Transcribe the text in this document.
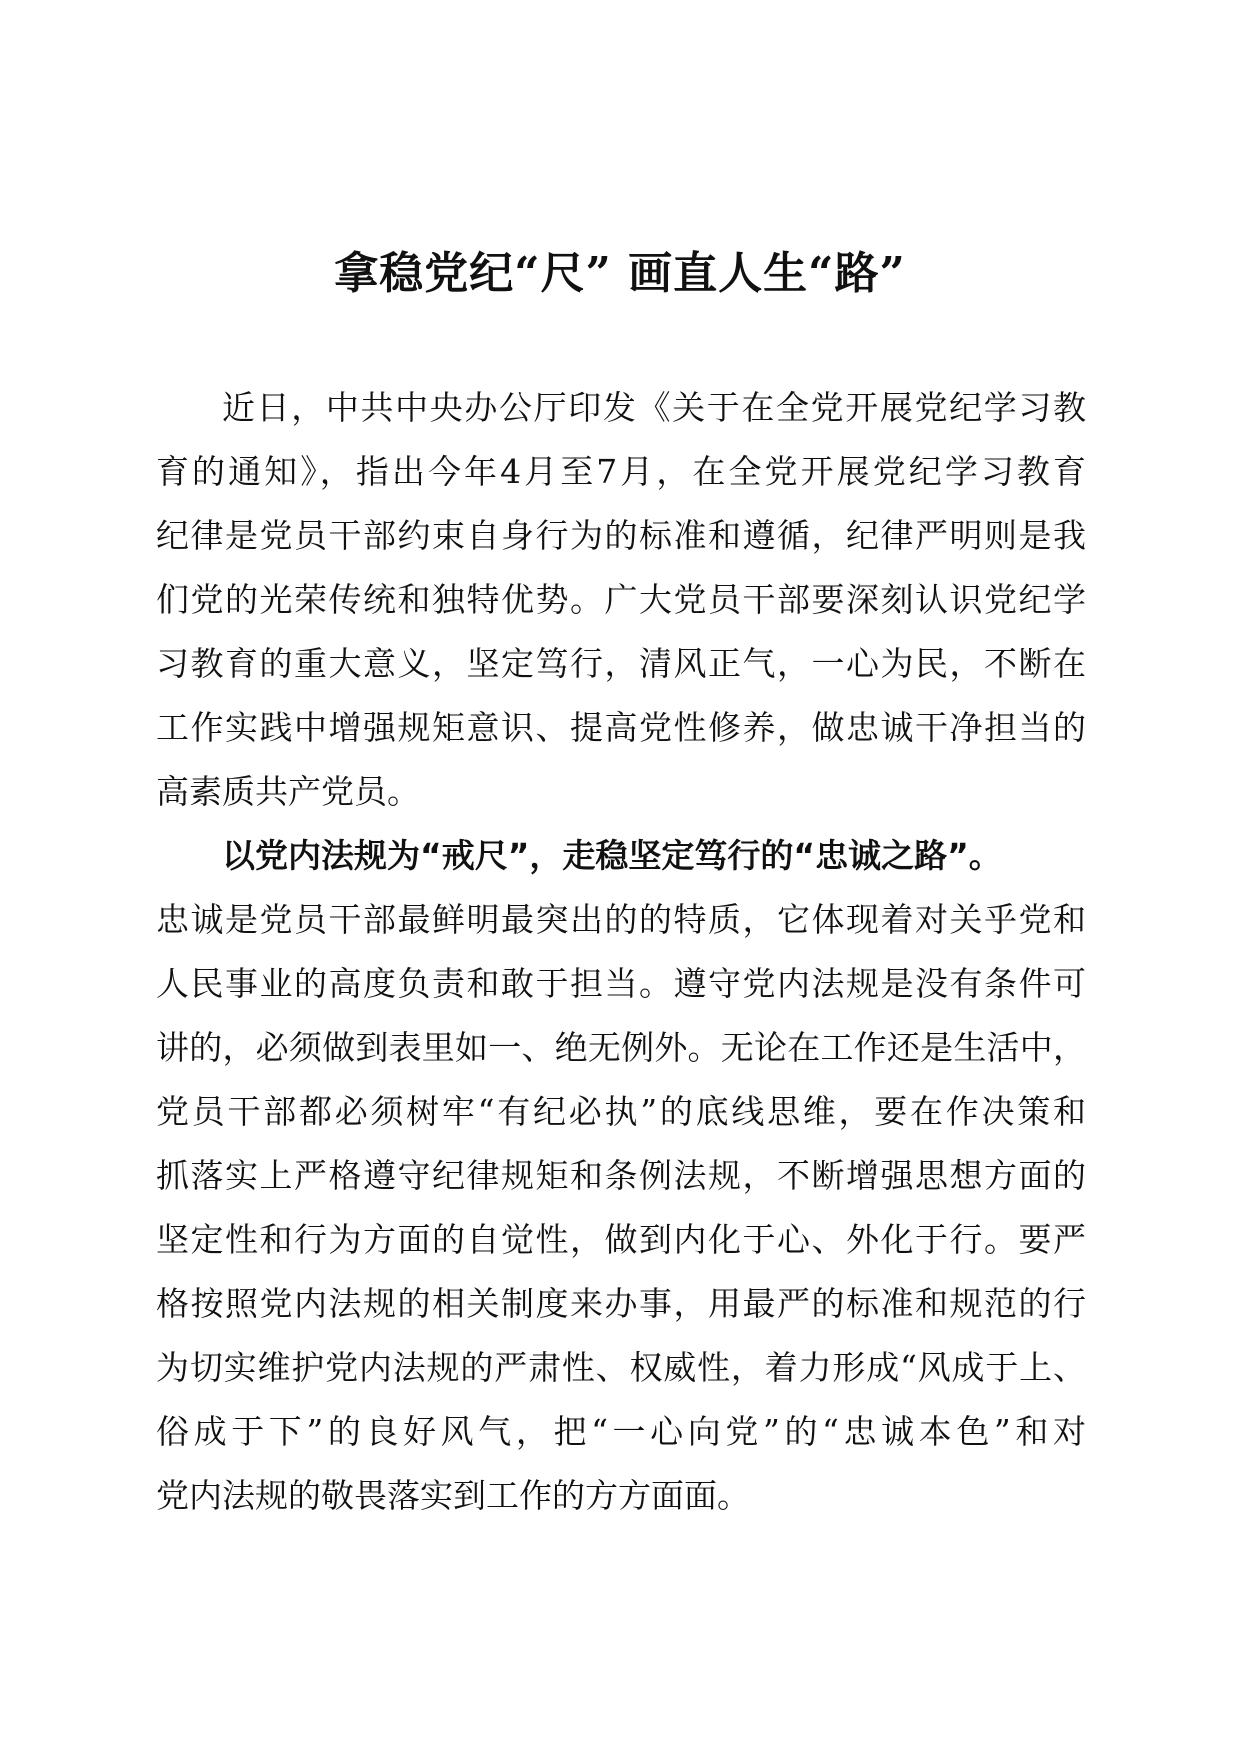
拿稳党纪“尺” 画直人生“路”
近日，中共中央办公厅印发《关于在全党开展党纪学习教
育的通知》，指出今年4月至7月，在全党开展党纪学习教育
纪律是党员干部约束自身行为的标准和遵循，纪律严明则是我
们党的光荣传统和独特优势。广大党员干部要深刻认识党纪学
习教育的重大意义，坚定笃行，清风正气，一心为民，不断在
工作实践中增强规矩意识、提高党性修养，做忠诚干净担当的
高素质共产党员。
以党内法规为“戒尺”，走稳坚定笃行的“忠诚之路”。
忠诚是党员干部最鲜明最突出的的特质，它体现着对关乎党和
人民事业的高度负责和敢于担当。遵守党内法规是没有条件可
讲的，必须做到表里如一、绝无例外。无论在工作还是生活中，
党员干部都必须树牢“有纪必执”的底线思维，要在作决策和
抓落实上严格遵守纪律规矩和条例法规，不断增强思想方面的
坚定性和行为方面的自觉性，做到内化于心、外化于行。要严
格按照党内法规的相关制度来办事，用最严的标准和规范的行
为切实维护党内法规的严肃性、权威性，着力形成“风成于上、
俗成于下”的良好风气，把“一心向党”的“忠诚本色”和对
党内法规的敬畏落实到工作的方方面面。
